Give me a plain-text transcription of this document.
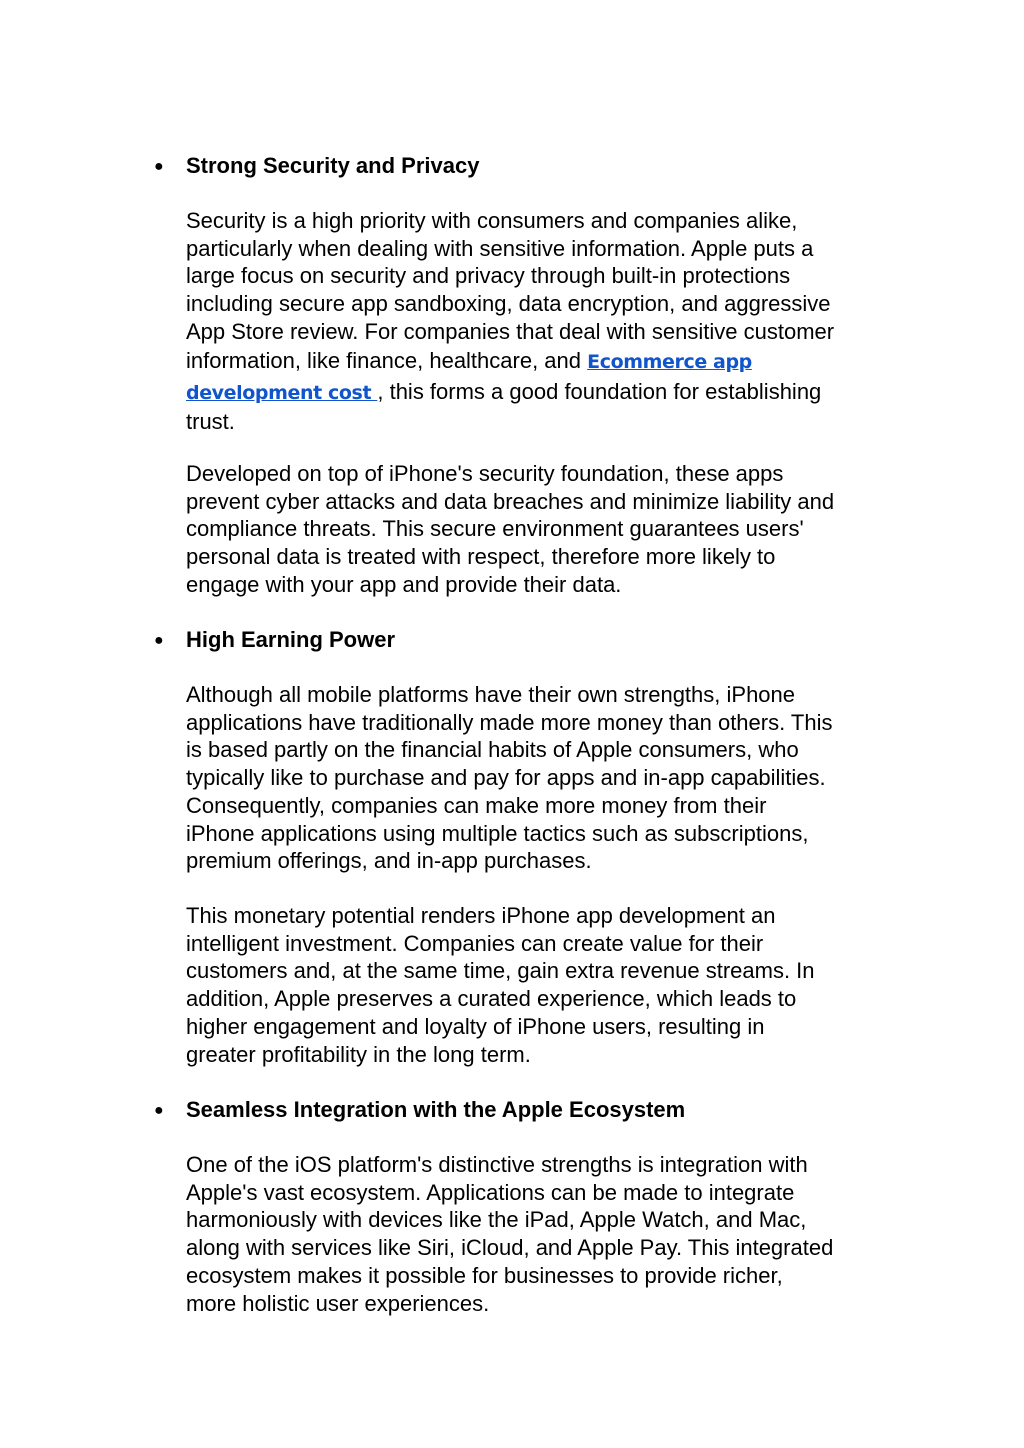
● Strong Security and Privacy
Security is a high priority with consumers and companies alike,
particularly when dealing with sensitive information. Apple puts a
large focus on security and privacy through built-in protections
including secure app sandboxing, data encryption, and aggressive
App Store review. For companies that deal with sensitive customer
information, like finance, healthcare, and Ecommerce app
development cost , this forms a good foundation for establishing
trust.
Developed on top of iPhone's security foundation, these apps
prevent cyber attacks and data breaches and minimize liability and
compliance threats. This secure environment guarantees users'
personal data is treated with respect, therefore more likely to
engage with your app and provide their data.
● High Earning Power
Although all mobile platforms have their own strengths, iPhone
applications have traditionally made more money than others. This
is based partly on the financial habits of Apple consumers, who
typically like to purchase and pay for apps and in-app capabilities.
Consequently, companies can make more money from their
iPhone applications using multiple tactics such as subscriptions,
premium offerings, and in-app purchases.
This monetary potential renders iPhone app development an
intelligent investment. Companies can create value for their
customers and, at the same time, gain extra revenue streams. In
addition, Apple preserves a curated experience, which leads to
higher engagement and loyalty of iPhone users, resulting in
greater profitability in the long term.
● Seamless Integration with the Apple Ecosystem
One of the iOS platform's distinctive strengths is integration with
Apple's vast ecosystem. Applications can be made to integrate
harmoniously with devices like the iPad, Apple Watch, and Mac,
along with services like Siri, iCloud, and Apple Pay. This integrated
ecosystem makes it possible for businesses to provide richer,
more holistic user experiences.
